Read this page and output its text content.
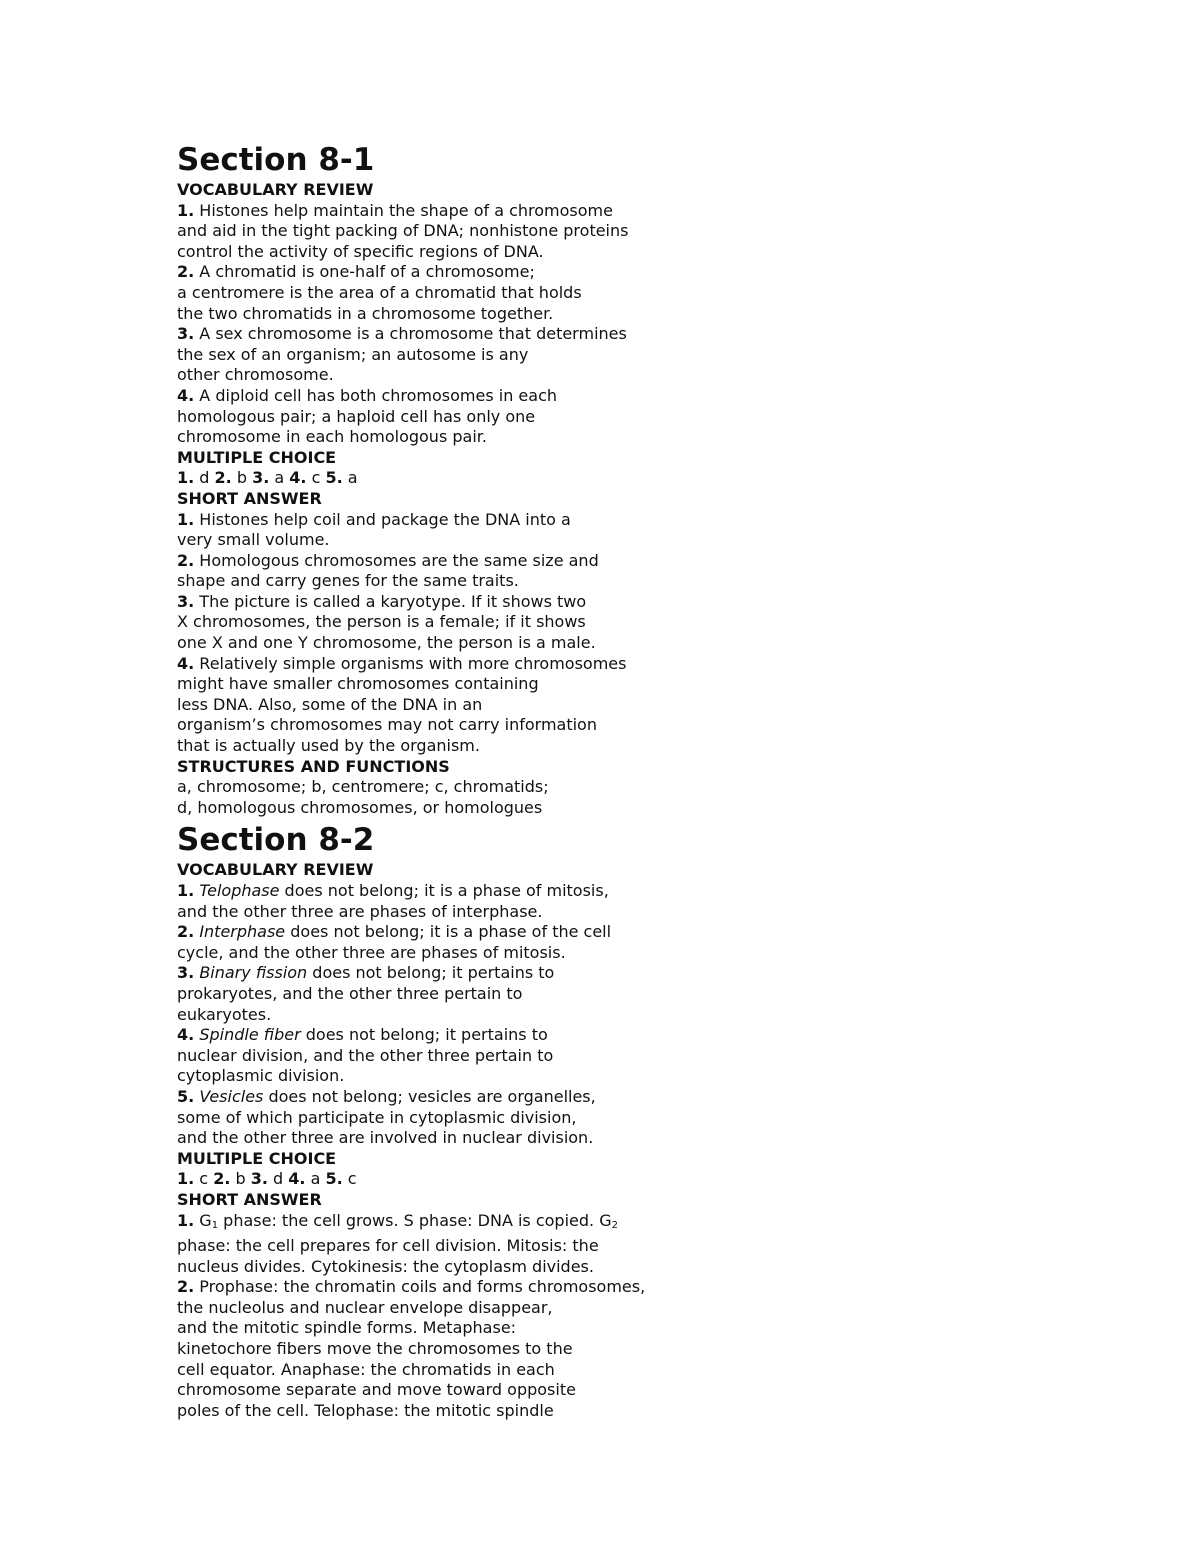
Section 8-1
VOCABULARY REVIEW
1. Histones help maintain the shape of a chromosome
and aid in the tight packing of DNA; nonhistone proteins
control the activity of specific regions of DNA.
2. A chromatid is one-half of a chromosome;
a centromere is the area of a chromatid that holds
the two chromatids in a chromosome together.
3. A sex chromosome is a chromosome that determines
the sex of an organism; an autosome is any
other chromosome.
4. A diploid cell has both chromosomes in each
homologous pair; a haploid cell has only one
chromosome in each homologous pair.
MULTIPLE CHOICE
1. d 2. b 3. a 4. c 5. a
SHORT ANSWER
1. Histones help coil and package the DNA into a
very small volume.
2. Homologous chromosomes are the same size and
shape and carry genes for the same traits.
3. The picture is called a karyotype. If it shows two
X chromosomes, the person is a female; if it shows
one X and one Y chromosome, the person is a male.
4. Relatively simple organisms with more chromosomes
might have smaller chromosomes containing
less DNA. Also, some of the DNA in an
organism’s chromosomes may not carry information
that is actually used by the organism.
STRUCTURES AND FUNCTIONS
a, chromosome; b, centromere; c, chromatids;
d, homologous chromosomes, or homologues
Section 8-2
VOCABULARY REVIEW
1. Telophase does not belong; it is a phase of mitosis,
and the other three are phases of interphase.
2. Interphase does not belong; it is a phase of the cell
cycle, and the other three are phases of mitosis.
3. Binary fission does not belong; it pertains to
prokaryotes, and the other three pertain to
eukaryotes.
4. Spindle fiber does not belong; it pertains to
nuclear division, and the other three pertain to
cytoplasmic division.
5. Vesicles does not belong; vesicles are organelles,
some of which participate in cytoplasmic division,
and the other three are involved in nuclear division.
MULTIPLE CHOICE
1. c 2. b 3. d 4. a 5. c
SHORT ANSWER
1. $G_1$ phase: the cell grows. S phase: DNA is copied. $G_2$
phase: the cell prepares for cell division. Mitosis: the
nucleus divides. Cytokinesis: the cytoplasm divides.
2. Prophase: the chromatin coils and forms chromosomes,
the nucleolus and nuclear envelope disappear,
and the mitotic spindle forms. Metaphase:
kinetochore fibers move the chromosomes to the
cell equator. Anaphase: the chromatids in each
chromosome separate and move toward opposite
poles of the cell. Telophase: the mitotic spindle
